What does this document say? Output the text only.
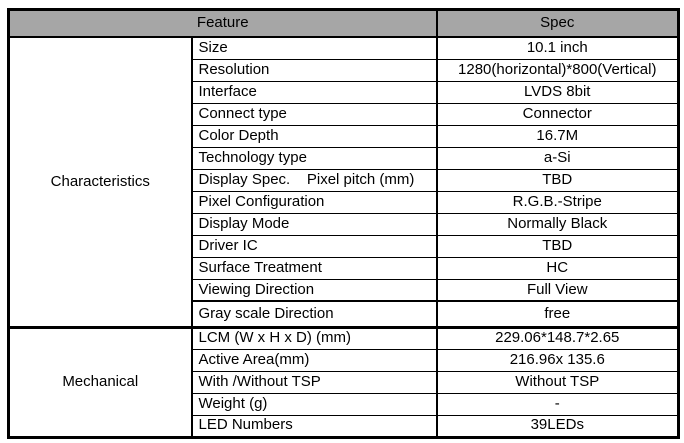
Feature		Spec
Characteristics	Size	10.1 inch
	Resolution	1280(horizontal)*800(Vertical)
	Interface	LVDS 8bit
	Connect type	Connector
	Color Depth	16.7M
	Technology type	a-Si
	Display Spec.    Pixel pitch (mm)	TBD
	Pixel Configuration	R.G.B.-Stripe
	Display Mode	Normally Black
	Driver IC	TBD
	Surface Treatment	HC
	Viewing Direction	Full View
	Gray scale Direction	free
Mechanical	LCM (W x H x D) (mm)	229.06*148.7*2.65
	Active Area(mm)	216.96x 135.6
	With /Without TSP	Without TSP
	Weight (g)	-
	LED Numbers	39LEDs
